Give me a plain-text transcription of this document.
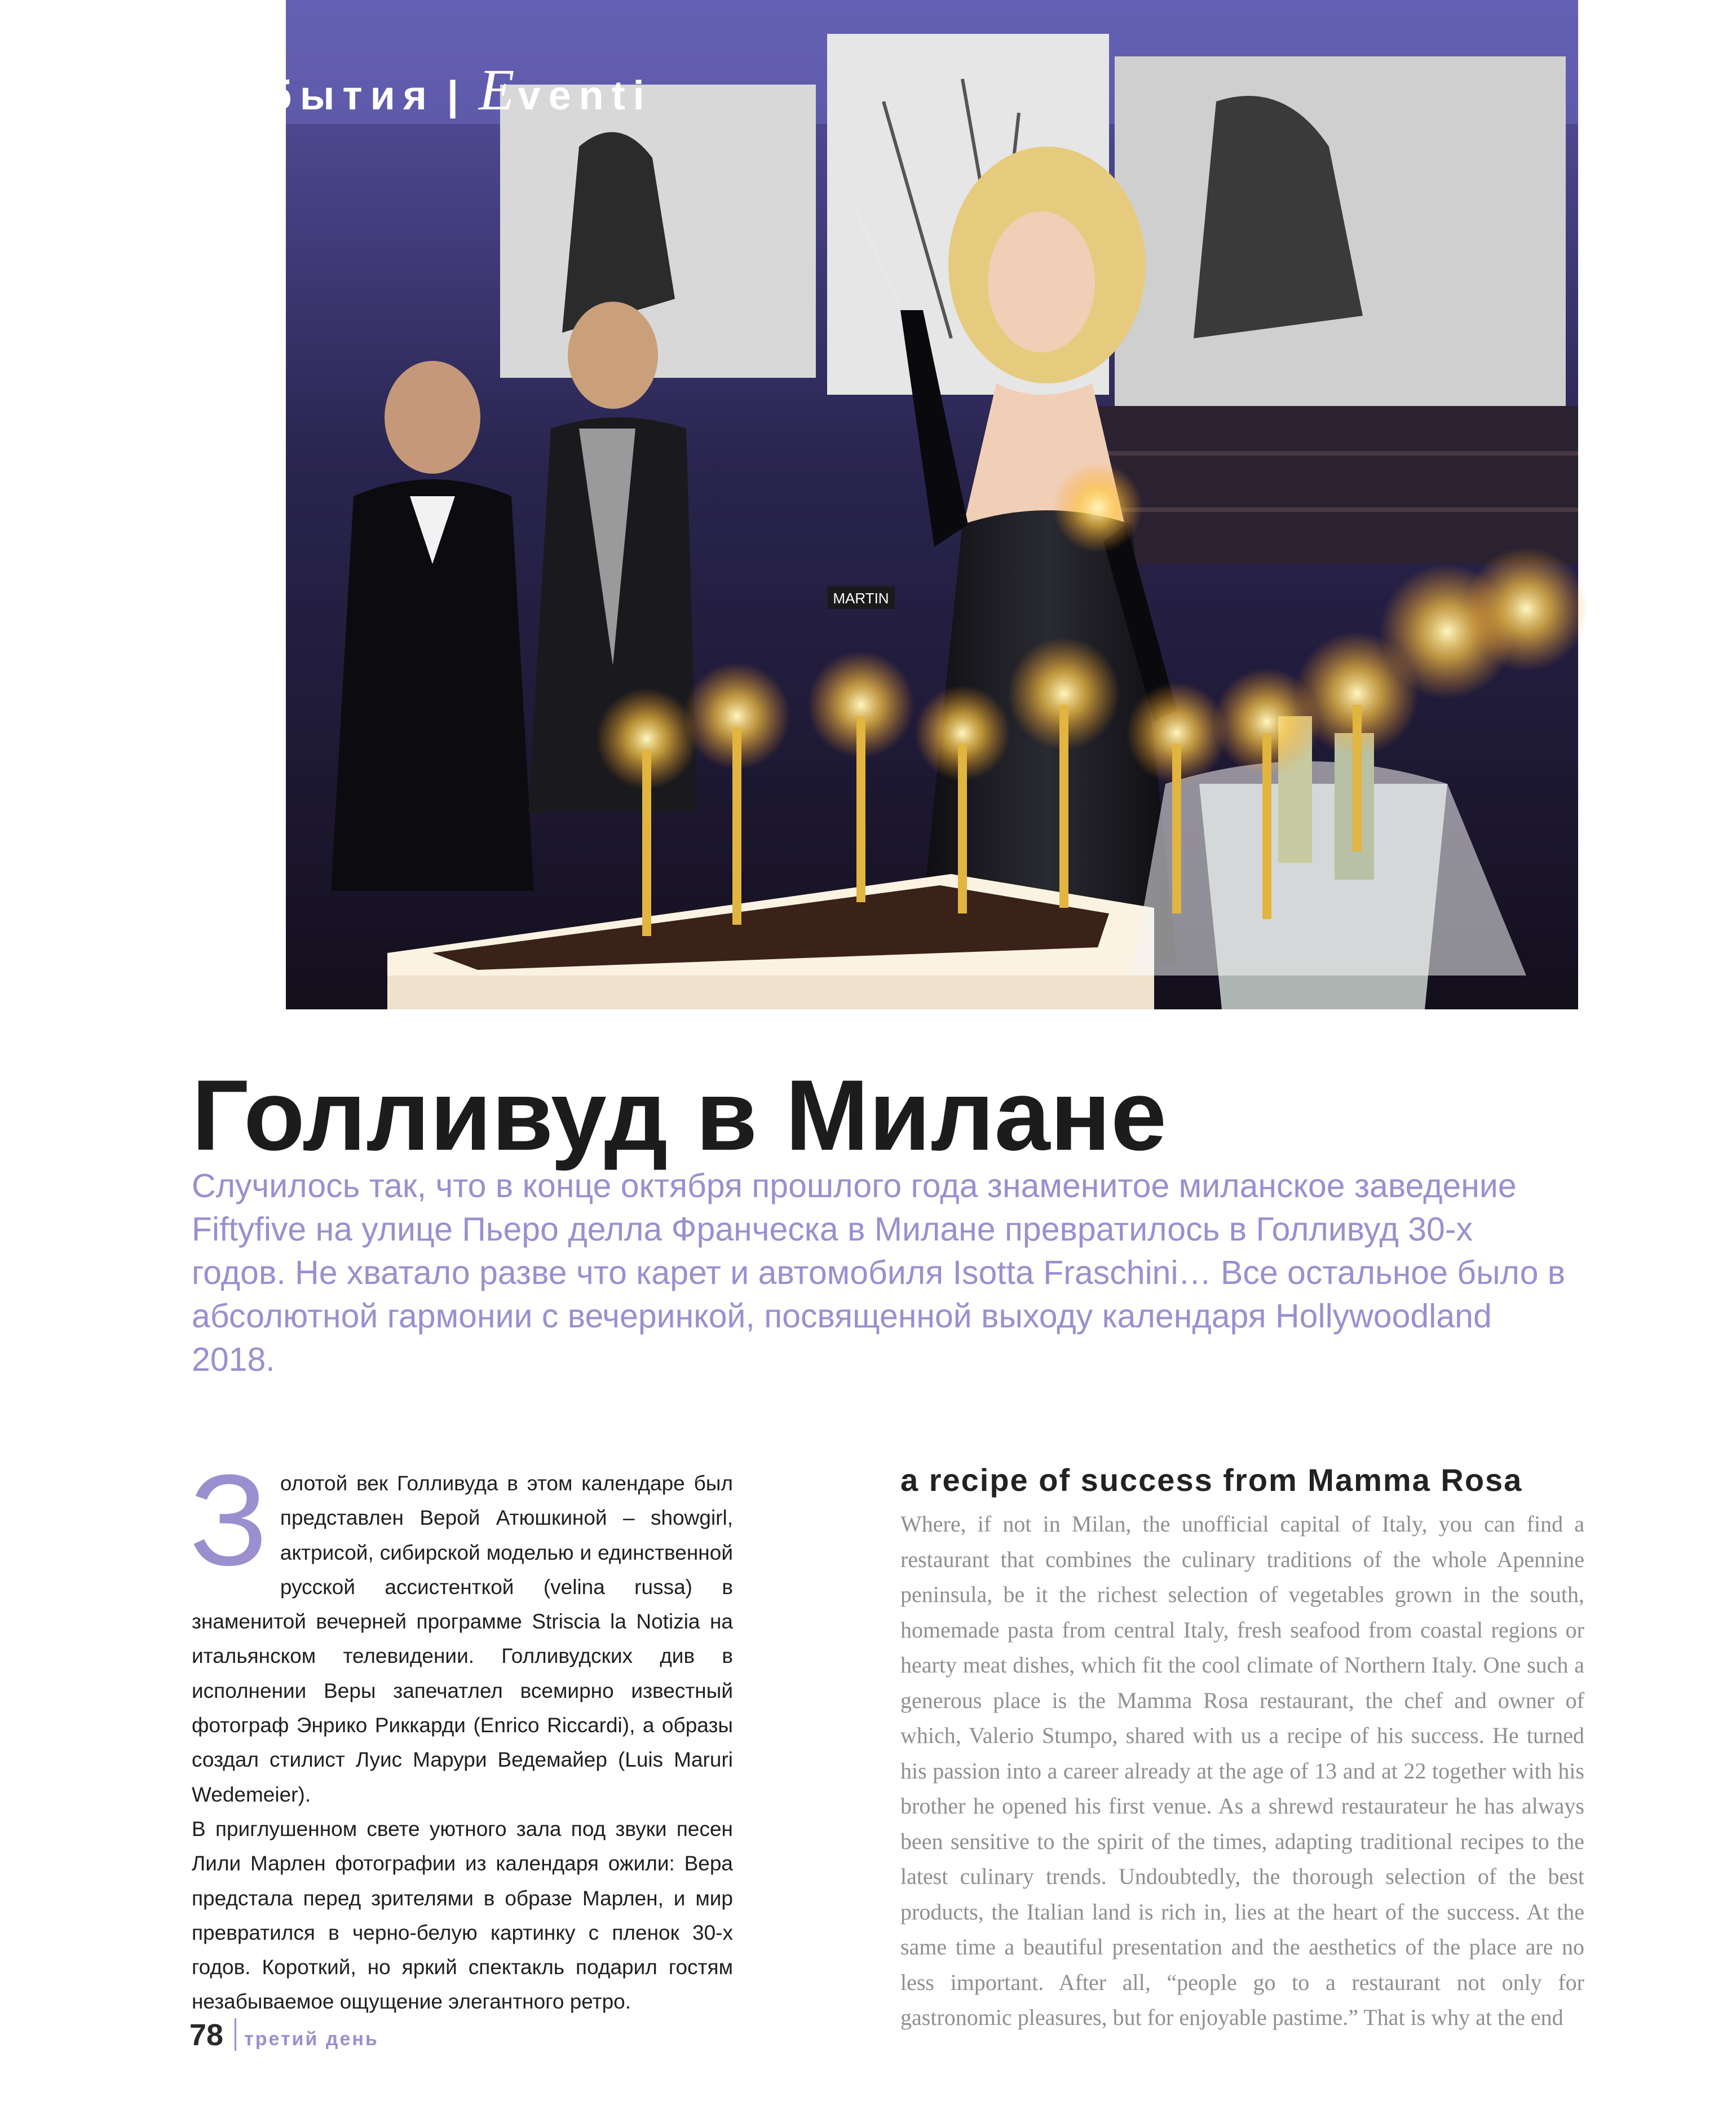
MARTIN
События | Eventi
Голливуд в Милане

Случилось так, что в конце октября прошлого года знаменитое миланское заведение Fiftyfive на улице Пьеро делла Франческа в Милане превратилось в Голливуд 30-х годов. Не хватало разве что карет и автомобиля Isotta Fraschini… Все остальное было в абсолютной гармонии с вечеринкой, посвященной выходу календаря Hollywoodland 2018.

Золотой век Голливуда в этом календаре был представлен Верой Атюшкиной – showgirl, актрисой, сибирской моделью и единственной русской ассистенткой (velina russa) в знаменитой вечерней программе Striscia la Notizia на итальянском телевидении. Голливудских див в исполнении Веры запечатлел всемирно известный фотограф Энрико Риккарди (Enrico Riccardi), а образы создал стилист Луис Марури Ведемайер (Luis Maruri Wedemeier).

В приглушенном свете уютного зала под звуки песен Лили Марлен фотографии из календаря ожили: Вера предстала перед зрителями в образе Марлен, и мир превратился в черно-белую картинку с пленок 30-х годов. Короткий, но яркий спектакль подарил гостям незабываемое ощущение элегантного ретро.

a recipe of success from Mamma Rosa

Where, if not in Milan, the unofficial capital of Italy, you can find a restaurant that combines the culinary traditions of the whole Apennine peninsula, be it the richest selection of vegetables grown in the south, homemade pasta from central Italy, fresh seafood from coastal regions or hearty meat dishes, which fit the cool climate of Northern Italy. One such a generous place is the Mamma Rosa restaurant, the chef and owner of which, Valerio Stumpo, shared with us a recipe of his success. He turned his passion into a career already at the age of 13 and at 22 together with his brother he opened his first venue. As a shrewd restaurateur he has always been sensitive to the spirit of the times, adapting traditional recipes to the latest culinary trends. Undoubtedly, the thorough selection of the best products, the Italian land is rich in, lies at the heart of the success. At the same time a beautiful presentation and the aesthetics of the place are no less important. After all, “people go to a restaurant not only for gastronomic pleasures, but for enjoyable pastime.” That is why at the end

78 третий день
